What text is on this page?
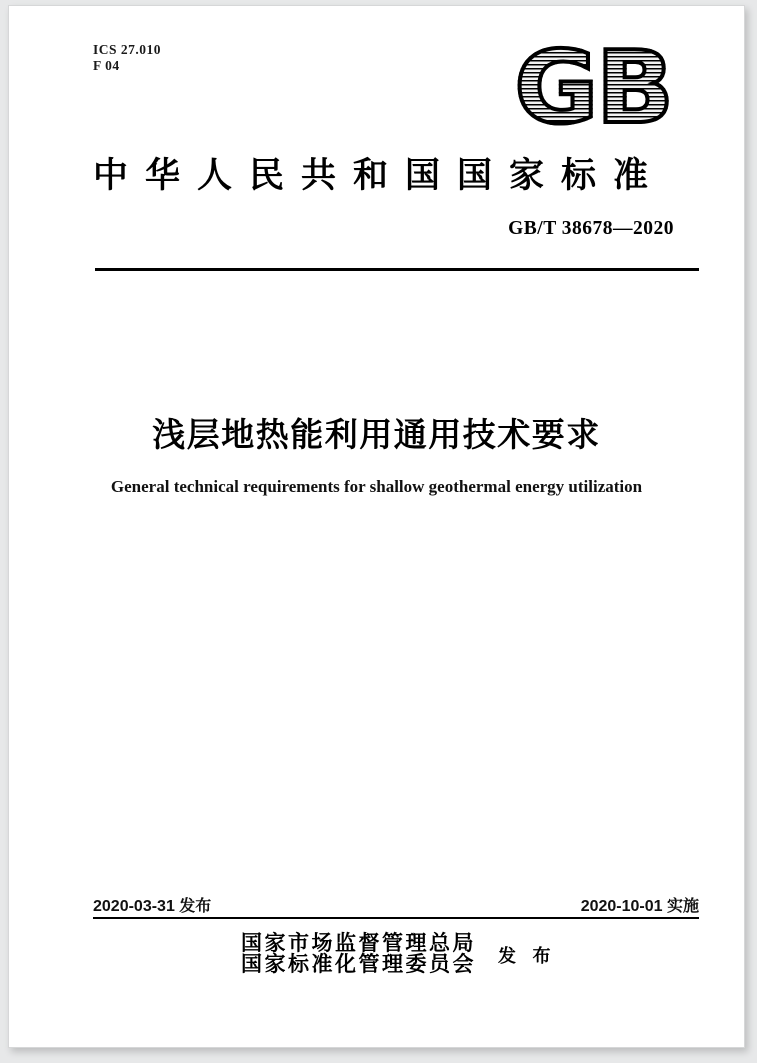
ICS 27.010
F 04	GB
中华人民共和国国家标准
GB/T 38678—2020
浅层地热能利用通用技术要求
General technical requirements for shallow geothermal energy utilization
2020-03-31 发布	2020-10-01 实施
国家市场监督管理总局
国家标准化管理委员会 发 布
